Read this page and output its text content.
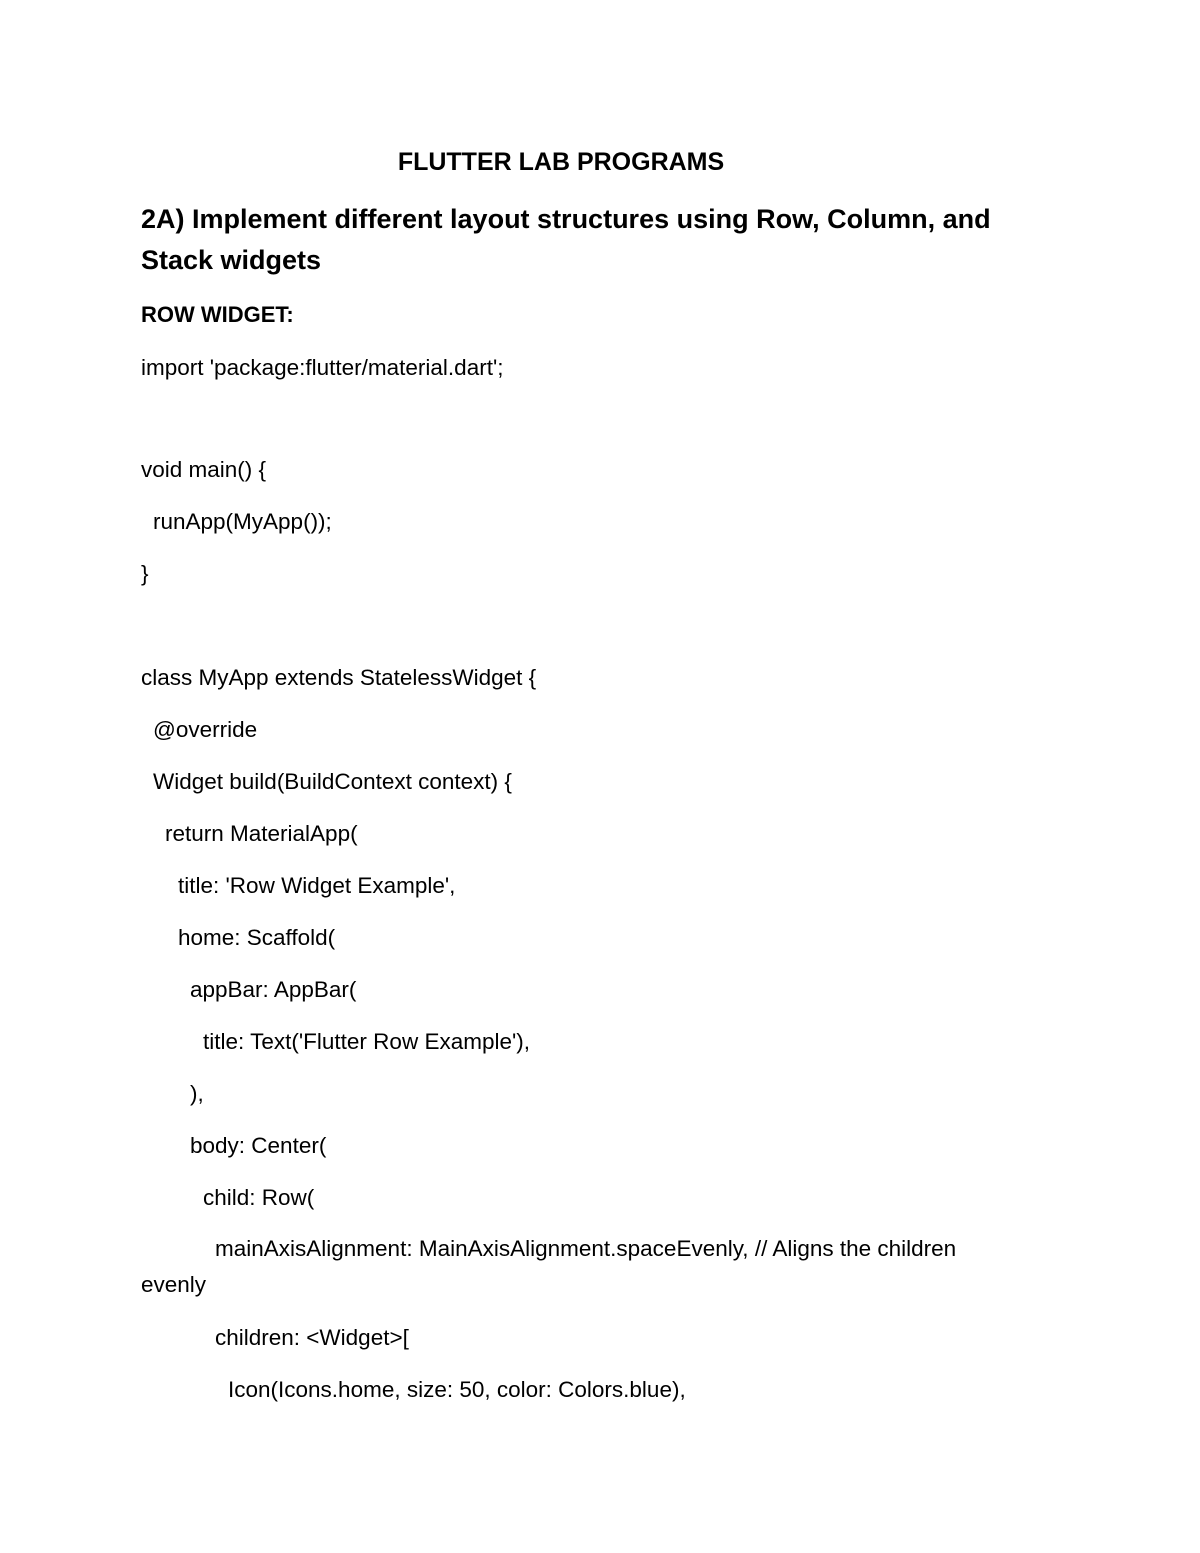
FLUTTER LAB PROGRAMS
2A) Implement different layout structures using Row, Column, and
Stack widgets
ROW WIDGET:
import 'package:flutter/material.dart';
void main() {
runApp(MyApp());
}
class MyApp extends StatelessWidget {
@override
Widget build(BuildContext context) {
return MaterialApp(
title: 'Row Widget Example',
home: Scaffold(
appBar: AppBar(
title: Text('Flutter Row Example'),
),
body: Center(
child: Row(
mainAxisAlignment: MainAxisAlignment.spaceEvenly, // Aligns the children
evenly
children: <Widget>[
Icon(Icons.home, size: 50, color: Colors.blue),
